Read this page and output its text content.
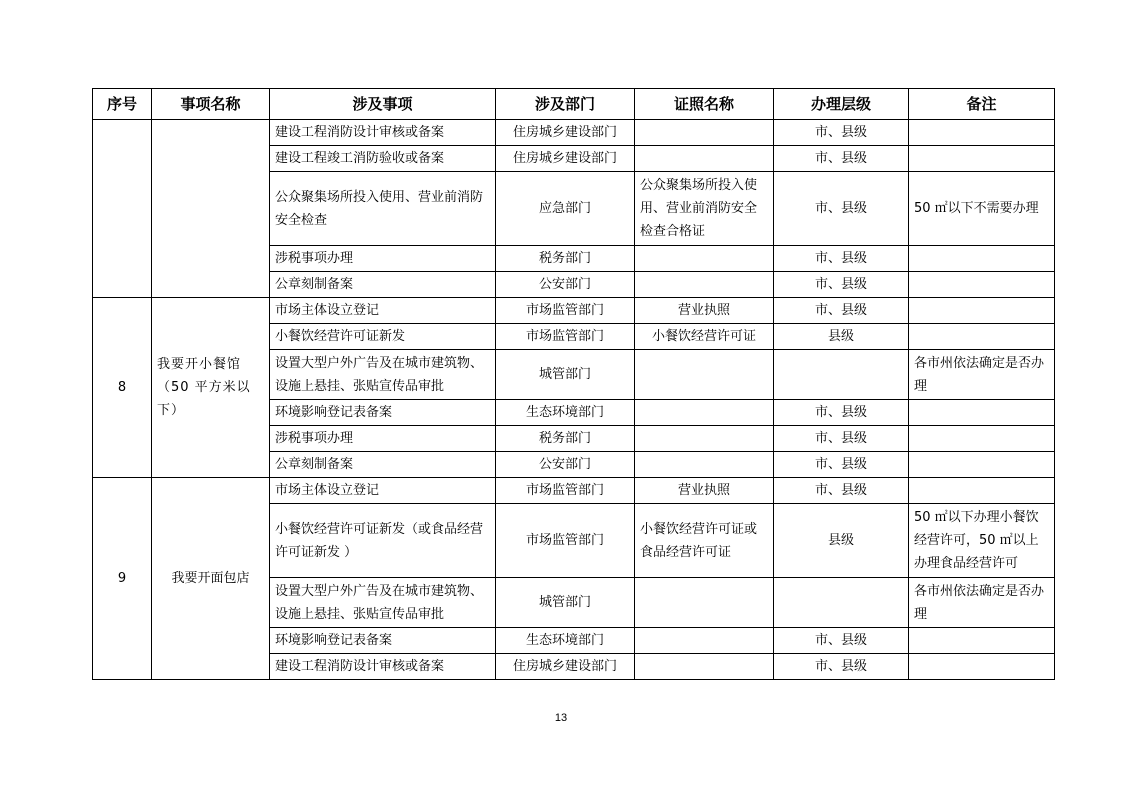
序号	事项名称	涉及事项	涉及部门	证照名称	办理层级	备注
		建设工程消防设计审核或备案	住房城乡建设部门		市、县级	
		建设工程竣工消防验收或备案	住房城乡建设部门		市、县级	
		公众聚集场所投入使用、营业前消防安全检查	应急部门	公众聚集场所投入使用、营业前消防安全检查合格证	市、县级	50 ㎡以下不需要办理
		涉税事项办理	税务部门		市、县级	
		公章刻制备案	公安部门		市、县级	
8	我要开小餐馆（50 平方米以下）	市场主体设立登记	市场监管部门	营业执照	市、县级	
		小餐饮经营许可证新发	市场监管部门	小餐饮经营许可证	县级	
		设置大型户外广告及在城市建筑物、设施上悬挂、张贴宣传品审批	城管部门			各市州依法确定是否办理
		环境影响登记表备案	生态环境部门		市、县级	
		涉税事项办理	税务部门		市、县级	
		公章刻制备案	公安部门		市、县级	
9	我要开面包店	市场主体设立登记	市场监管部门	营业执照	市、县级	
		小餐饮经营许可证新发（或食品经营许可证新发 ）	市场监管部门	小餐饮经营许可证或食品经营许可证	县级	50 ㎡以下办理小餐饮经营许可，50 ㎡以上办理食品经营许可
		设置大型户外广告及在城市建筑物、设施上悬挂、张贴宣传品审批	城管部门			各市州依法确定是否办理
		环境影响登记表备案	生态环境部门		市、县级	
		建设工程消防设计审核或备案	住房城乡建设部门		市、县级	
13
